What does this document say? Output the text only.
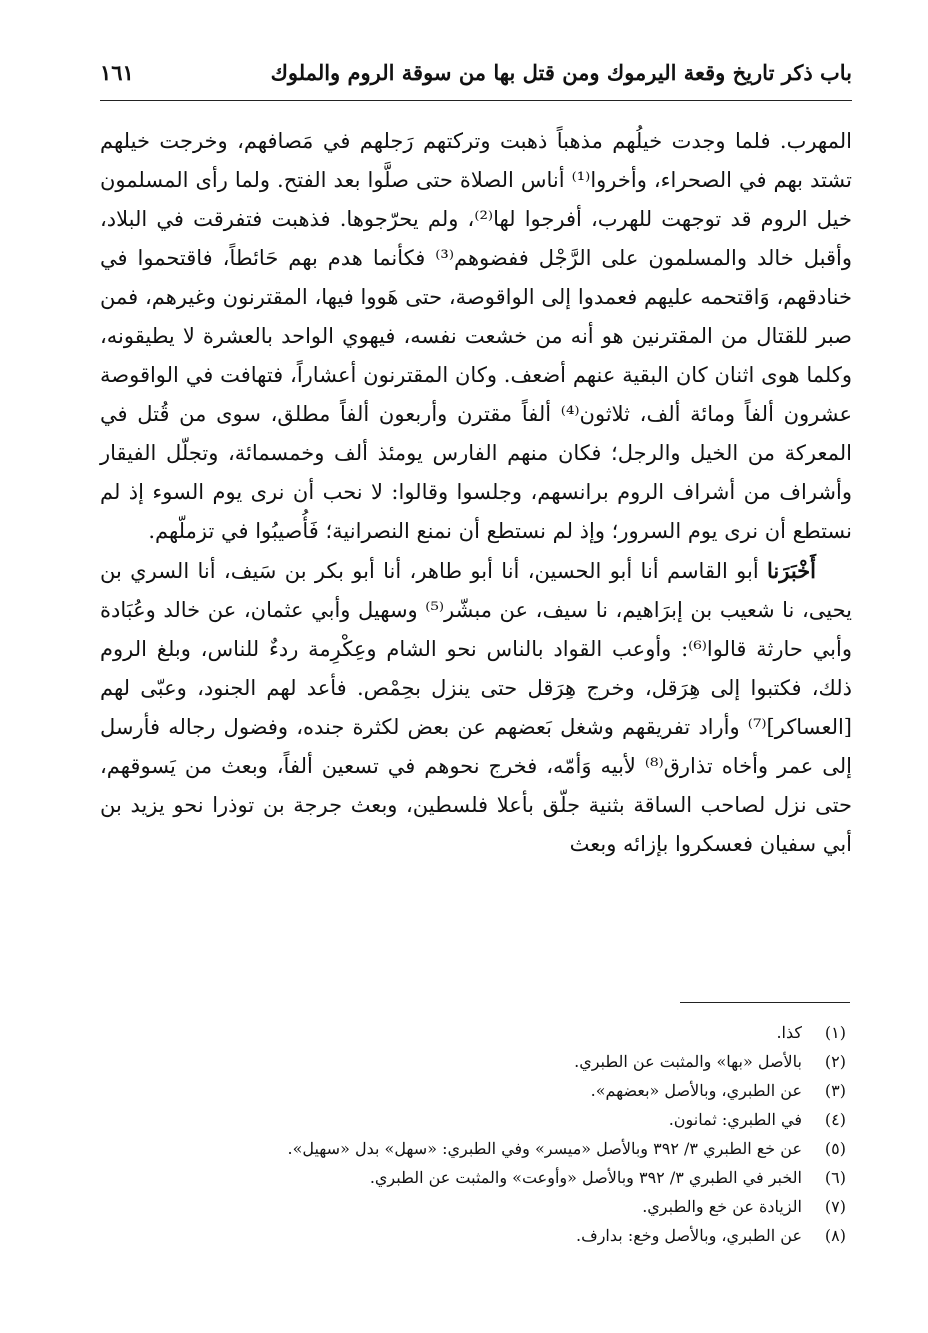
باب ذكر تاريخ وقعة اليرموك ومن قتل بها من سوقة الروم والملوك
١٦١

المهرب. فلما وجدت خيلُهم مذهباً ذهبت وتركتهم رَجلهم في مَصافهم، وخرجت خيلهم تشتد بهم في الصحراء، وأخروا⁽¹⁾ أناس الصلاة حتى صلَّوا بعد الفتح. ولما رأى المسلمون خيل الروم قد توجهت للهرب، أفرجوا لها⁽²⁾، ولم يحرّجوها. فذهبت فتفرقت في البلاد، وأقبل خالد والمسلمون على الرَّجْل ففضوهم⁽³⁾ فكأنما هدم بهم حَائطاً، فاقتحموا في خنادقهم، وَاقتحمه عليهم فعمدوا إلى الواقوصة، حتى هَووا فيها، المقترنون وغيرهم، فمن صبر للقتال من المقترنين هو أنه من خشعت نفسه، فيهوي الواحد بالعشرة لا يطيقونه، وكلما هوى اثنان كان البقية عنهم أضعف. وكان المقترنون أعشاراً، فتهافت في الواقوصة عشرون ألفاً ومائة ألف، ثلاثون⁽⁴⁾ ألفاً مقترن وأربعون ألفاً مطلق، سوى من قُتل في المعركة من الخيل والرجل؛ فكان منهم الفارس يومئذ ألف وخمسمائة، وتجلّل الفيقار وأشراف من أشراف الروم برانسهم، وجلسوا وقالوا: لا نحب أن نرى يوم السوء إذ لم نستطع أن نرى يوم السرور؛ وإذ لم نستطع أن نمنع النصرانية؛ فَأُصيبُوا في تزملّهم.

أَخْبَرَنا أبو القاسم أنا أبو الحسين، أنا أبو طاهر، أنا أبو بكر بن سَيف، أنا السري بن يحيى، نا شعيب بن إبرَاهيم، نا سيف، عن مبشّر⁽⁵⁾ وسهيل وأبي عثمان، عن خالد وعُبَادة وأبي حارثة قالوا⁽⁶⁾: وأوعب القواد بالناس نحو الشام وعِكْرِمة ردءٌ للناس، وبلغ الروم ذلك، فكتبوا إلى هِرَقل، وخرج هِرَقل حتى ينزل بحِمْص. فأعد لهم الجنود، وعبّى لهم [العساكر]⁽⁷⁾ وأراد تفريقهم وشغل بَعضهم عن بعض لكثرة جنده، وفضول رجاله فأرسل إلى عمر وأخاه تذارق⁽⁸⁾ لأبيه وَأمّه، فخرج نحوهم في تسعين ألفاً، وبعث من يَسوقهم، حتى نزل لصاحب الساقة بثنية جلّق بأعلا فلسطين، وبعث جرجة بن توذرا نحو يزيد بن أبي سفيان فعسكروا بإزائه وبعث

(١)
كذا.
(٢)
بالأصل «بها» والمثبت عن الطبري.
(٣)
عن الطبري، وبالأصل «بعضهم».
(٤)
في الطبري: ثمانون.
(٥)
عن خع الطبري ٣/ ٣٩٢ وبالأصل «ميسر» وفي الطبري: «سهل» بدل «سهيل».
(٦)
الخبر في الطبري ٣/ ٣٩٢ وبالأصل «وأوعت» والمثبت عن الطبري.
(٧)
الزيادة عن خع والطبري.
(٨)
عن الطبري، وبالأصل وخع: بدارف.
